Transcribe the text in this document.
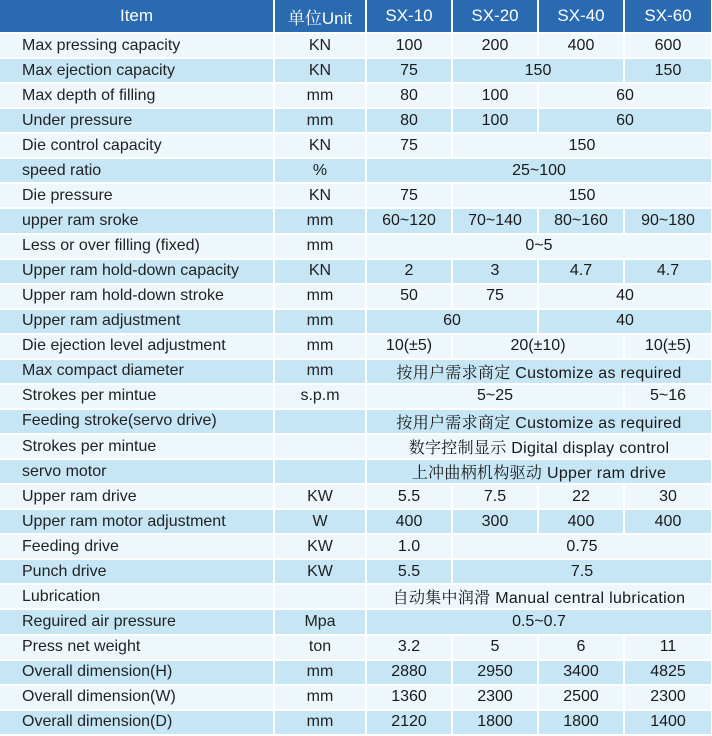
Item	单位Unit	SX-10	SX-20	SX-40	SX-60
Max pressing capacity	KN	100	200	400	600
Max ejection capacity	KN	75	150		150
Max depth of filling	mm	80	100	60	
Under pressure	mm	80	100	60	
Die control capacity	KN	75	150		
speed ratio	%	25~100			
Die pressure	KN	75	150		
upper ram sroke	mm	60~120	70~140	80~160	90~180
Less or over filling (fixed)	mm	0~5			
Upper ram hold-down capacity	KN	2	3	4.7	4.7
Upper ram hold-down stroke	mm	50	75	40	
Upper ram adjustment	mm	60		40	
Die ejection level adjustment	mm	10(±5)	20(±10)		10(±5)
Max compact diameter	mm	按用户需求商定 Customize as required			
Strokes per mintue	s.p.m	5~25			5~16
Feeding stroke(servo drive)		按用户需求商定 Customize as required			
Strokes per mintue		数字控制显示 Digital display control			
servo motor		上冲曲柄机构驱动 Upper ram drive			
Upper ram drive	KW	5.5	7.5	22	30
Upper ram motor adjustment	W	400	300	400	400
Feeding drive	KW	1.0	0.75		
Punch drive	KW	5.5	7.5		
Lubrication		自动集中润滑 Manual central lubrication			
Reguired air pressure	Mpa	0.5~0.7			
Press net weight	ton	3.2	5	6	11
Overall dimension(H)	mm	2880	2950	3400	4825
Overall dimension(W)	mm	1360	2300	2500	2300
Overall dimension(D)	mm	2120	1800	1800	1400
